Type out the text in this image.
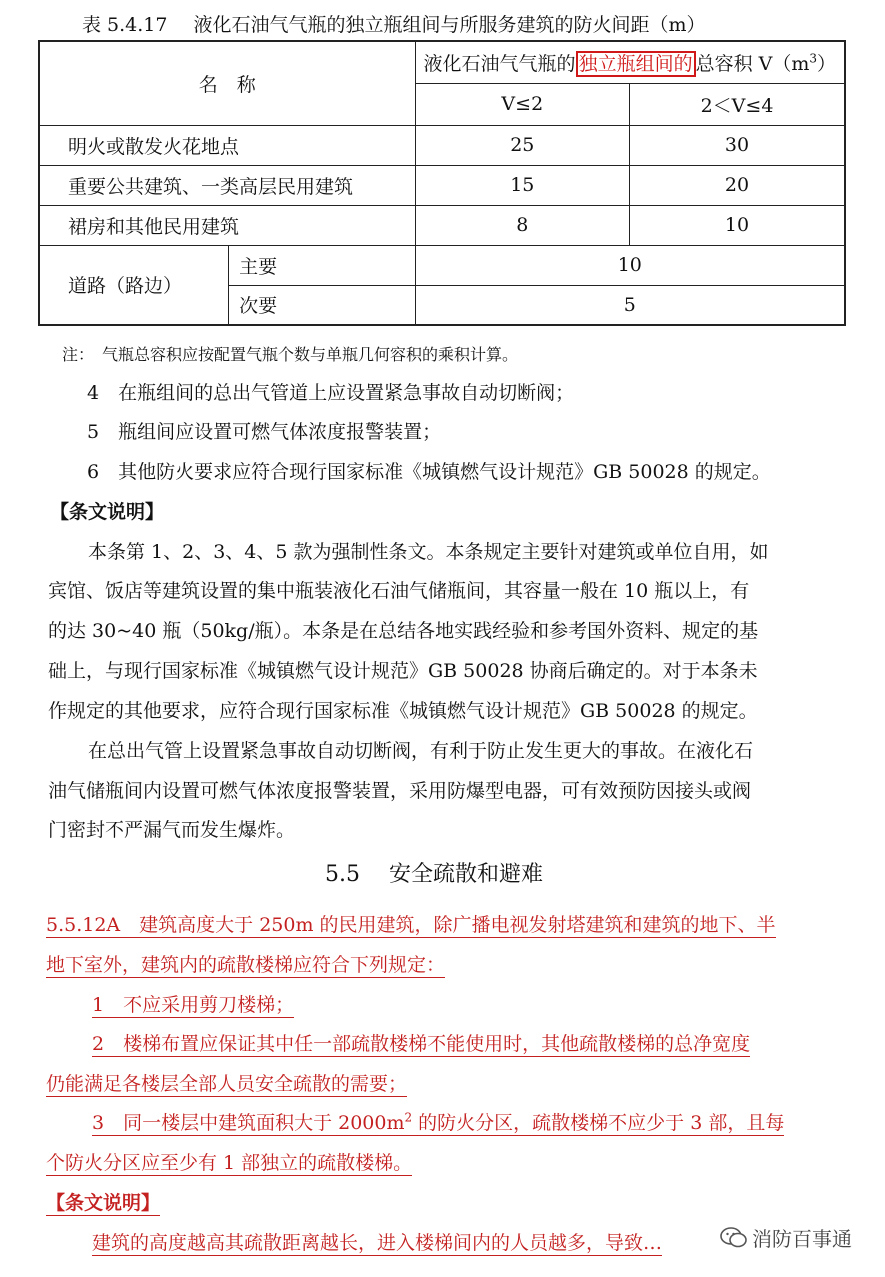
表 5.4.17 液化石油气气瓶的独立瓶组间与所服务建筑的防火间距（m）
名　称		液化石油气气瓶的 独立瓶组间的 总容积 $V(m^3)$	
		V≤2	2＜V≤4
明火或散发火花地点		25	30
重要公共建筑、一类高层民用建筑		15	20
裙房和其他民用建筑		8	10
道路（路边）	主要	10	
	次要	5	
注：　气瓶总容积应按配置气瓶个数与单瓶几何容积的乘积计算。
4　在瓶组间的总出气管道上应设置紧急事故自动切断阀；
5　瓶组间应设置可燃气体浓度报警装置；
6　其他防火要求应符合现行国家标准《城镇燃气设计规范》GB 50028 的规定。
【条文说明】
本条第 1、2、3、4、5 款为强制性条文。本条规定主要针对建筑或单位自用，如
宾馆、饭店等建筑设置的集中瓶装液化石油气储瓶间，其容量一般在 10 瓶以上，有
的达 30~40 瓶（50kg/瓶）。本条是在总结各地实践经验和参考国外资料、规定的基
础上，与现行国家标准《城镇燃气设计规范》GB 50028 协商后确定的。对于本条未
作规定的其他要求，应符合现行国家标准《城镇燃气设计规范》GB 50028 的规定。
在总出气管上设置紧急事故自动切断阀，有利于防止发生更大的事故。在液化石
油气储瓶间内设置可燃气体浓度报警装置，采用防爆型电器，可有效预防因接头或阀
门密封不严漏气而发生爆炸。
5.5 安全疏散和避难
5.5.12A　建筑高度大于 250m 的民用建筑，除广播电视发射塔建筑和建筑的地下、半
地下室外，建筑内的疏散楼梯应符合下列规定：
1　不应采用剪刀楼梯；
2　楼梯布置应保证其中任一部疏散楼梯不能使用时，其他疏散楼梯的总净宽度
仍能满足各楼层全部人员安全疏散的需要；
3　同一楼层中建筑面积大于 $2000m^2$ 的防火分区，疏散楼梯不应少于 3 部，且每
个防火分区应至少有 1 部独立的疏散楼梯。
【条文说明】
建筑的高度越高其疏散距离越长，进入楼梯间内的人员越多，导致…	消防百事通
